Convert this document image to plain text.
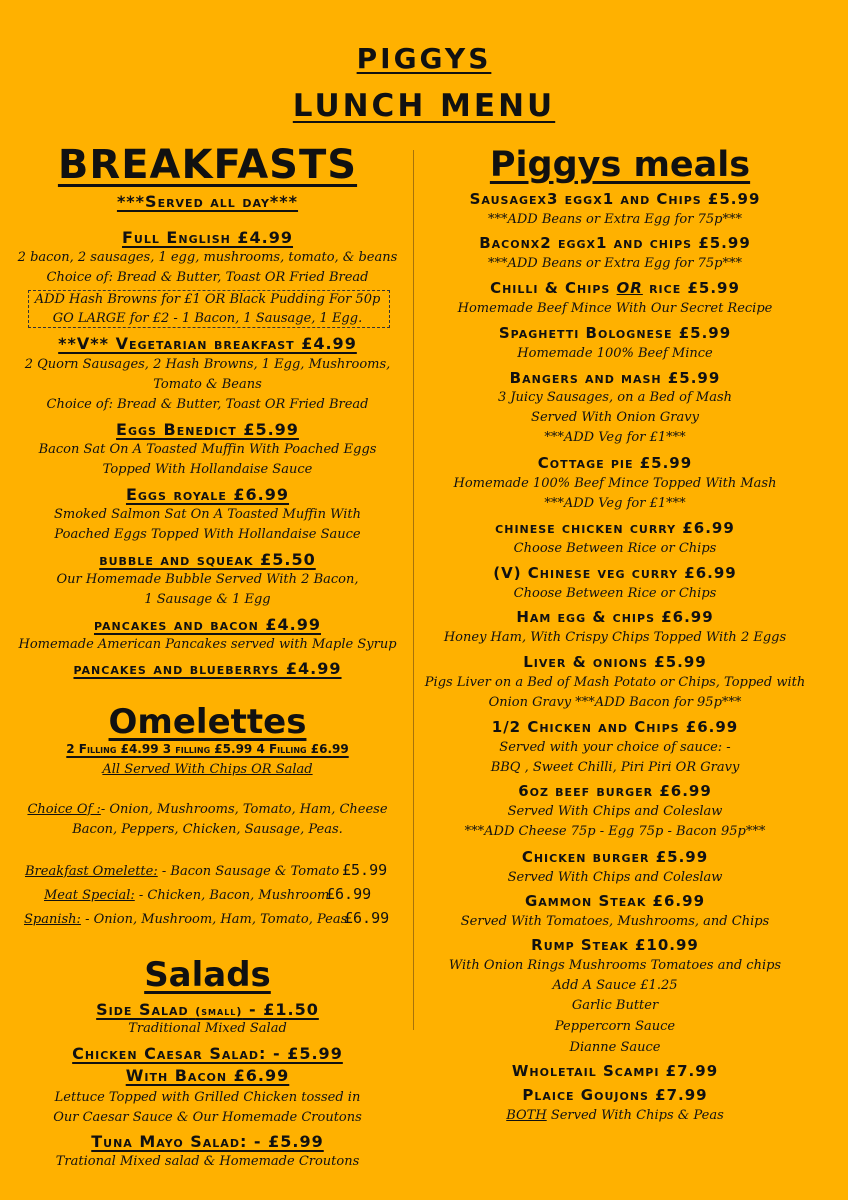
PIGGYS
LUNCH MENU
BREAKFASTS
***Served all day***
Full English £4.99
2 bacon, 2 sausages, 1 egg, mushrooms, tomato, & beans
Choice of: Bread & Butter, Toast OR Fried Bread
ADD Hash Browns for £1 OR Black Pudding For 50p
GO LARGE for £2 - 1 Bacon, 1 Sausage, 1 Egg.
**V** Vegetarian breakfast £4.99
2 Quorn Sausages, 2 Hash Browns, 1 Egg, Mushrooms,
Tomato & Beans
Choice of: Bread & Butter, Toast OR Fried Bread
Eggs Benedict £5.99
Bacon Sat On A Toasted Muffin With Poached Eggs
Topped With Hollandaise Sauce
Eggs royale £6.99
Smoked Salmon Sat On A Toasted Muffin With
Poached Eggs Topped With Hollandaise Sauce
bubble and squeak £5.50
Our Homemade Bubble Served With 2 Bacon,
1 Sausage & 1 Egg
pancakes and bacon £4.99
Homemade American Pancakes served with Maple Syrup
pancakes and blueberrys £4.99
Omelettes
2 Filling £4.99 3 filling £5.99 4 Filling £6.99
All Served With Chips OR Salad
Choice Of :- Onion, Mushrooms, Tomato, Ham, Cheese
Bacon, Peppers, Chicken, Sausage, Peas.
Breakfast Omelette: - Bacon Sausage & Tomato £5.99
Meat Special: - Chicken, Bacon, Mushroom
£6.99
Spanish: - Onion, Mushroom, Ham, Tomato, Peas
£6.99
Salads
Side Salad (small) - £1.50
Traditional Mixed Salad
Chicken Caesar Salad: - £5.99
With Bacon £6.99
Lettuce Topped with Grilled Chicken tossed in
Our Caesar Sauce & Our Homemade Croutons
Tuna Mayo Salad: - £5.99
Trational Mixed salad & Homemade Croutons
Piggys meals
Sausagex3 eggx1 and Chips £5.99
***ADD Beans or Extra Egg for 75p***
Baconx2 eggx1 and chips £5.99
***ADD Beans or Extra Egg for 75p***
Chilli & Chips OR rice £5.99
Homemade Beef Mince With Our Secret Recipe
Spaghetti Bolognese £5.99
Homemade 100% Beef Mince
Bangers and mash £5.99
3 Juicy Sausages, on a Bed of Mash
Served With Onion Gravy
***ADD Veg for £1***
Cottage pie £5.99
Homemade 100% Beef Mince Topped With Mash
***ADD Veg for £1***
chinese chicken curry £6.99
Choose Between Rice or Chips
(V) Chinese veg curry £6.99
Choose Between Rice or Chips
Ham egg & chips £6.99
Honey Ham, With Crispy Chips Topped With 2 Eggs
Liver & onions £5.99
Pigs Liver on a Bed of Mash Potato or Chips, Topped with
Onion Gravy ***ADD Bacon for 95p***
1/2 Chicken and Chips £6.99
Served with your choice of sauce: -
BBQ , Sweet Chilli, Piri Piri OR Gravy
6oz beef burger £6.99
Served With Chips and Coleslaw
***ADD Cheese 75p - Egg 75p - Bacon 95p***
Chicken burger £5.99
Served With Chips and Coleslaw
Gammon Steak £6.99
Served With Tomatoes, Mushrooms, and Chips
Rump Steak £10.99
With Onion Rings Mushrooms Tomatoes and chips
Add A Sauce £1.25
Garlic Butter
Peppercorn Sauce
Dianne Sauce
Wholetail Scampi £7.99
Plaice Goujons £7.99
BOTH Served With Chips & Peas
